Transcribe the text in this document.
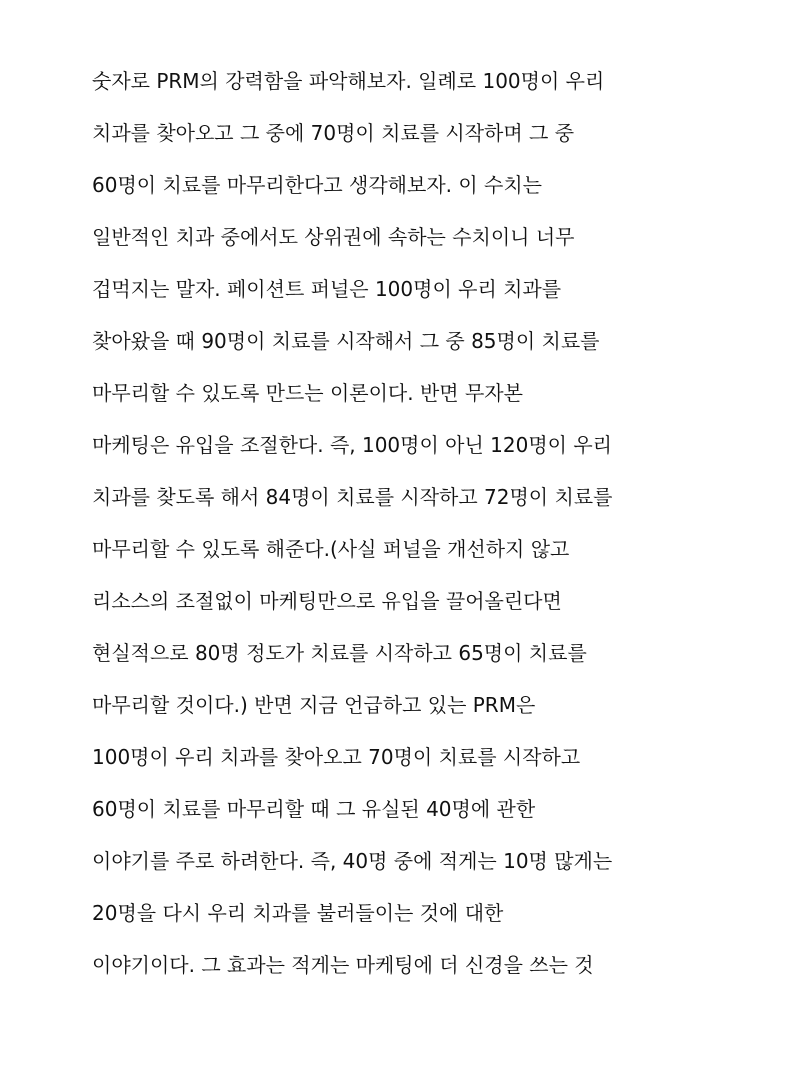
숫자로 PRM의 강력함을 파악해보자. 일례로 100명이 우리
치과를 찾아오고 그 중에 70명이 치료를 시작하며 그 중
60명이 치료를 마무리한다고 생각해보자. 이 수치는
일반적인 치과 중에서도 상위권에 속하는 수치이니 너무
겁먹지는 말자. 페이션트 퍼널은 100명이 우리 치과를
찾아왔을 때 90명이 치료를 시작해서 그 중 85명이 치료를
마무리할 수 있도록 만드는 이론이다. 반면 무자본
마케팅은 유입을 조절한다. 즉, 100명이 아닌 120명이 우리
치과를 찾도록 해서 84명이 치료를 시작하고 72명이 치료를
마무리할 수 있도록 해준다.(사실 퍼널을 개선하지 않고
리소스의 조절없이 마케팅만으로 유입을 끌어올린다면
현실적으로 80명 정도가 치료를 시작하고 65명이 치료를
마무리할 것이다.) 반면 지금 언급하고 있는 PRM은
100명이 우리 치과를 찾아오고 70명이 치료를 시작하고
60명이 치료를 마무리할 때 그 유실된 40명에 관한
이야기를 주로 하려한다. 즉, 40명 중에 적게는 10명 많게는
20명을 다시 우리 치과를 불러들이는 것에 대한
이야기이다. 그 효과는 적게는 마케팅에 더 신경을 쓰는 것
